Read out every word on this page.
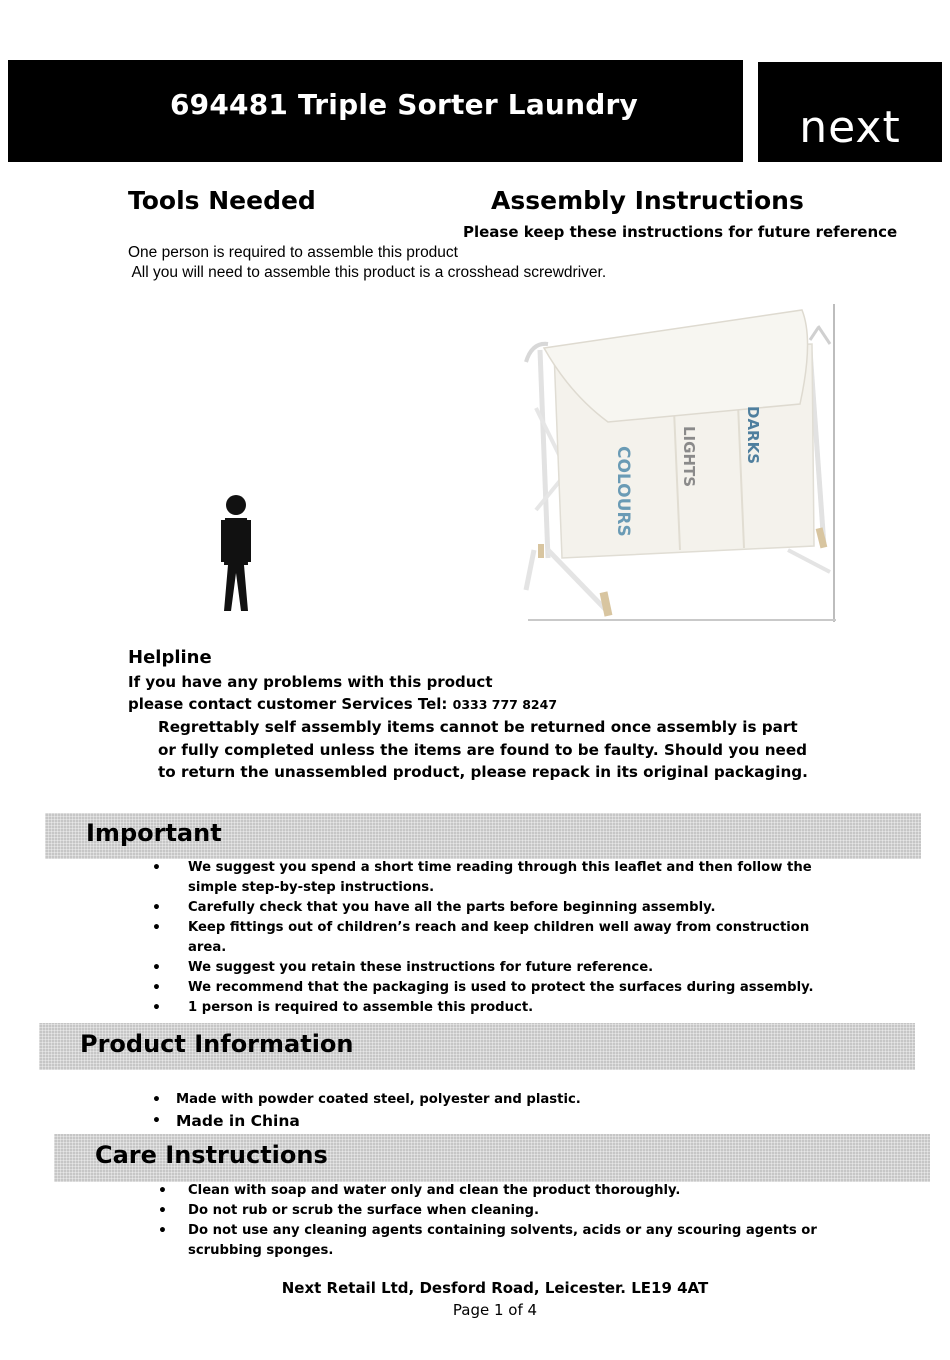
694481 Triple Sorter Laundry	next
Tools Needed	Assembly Instructions
Please keep these instructions for future reference
One person is required to assemble this product
All you will need to assemble this product is a crosshead screwdriver.
COLOURS	LIGHTS	DARKS
Helpline
If you have any problems with this product
please contact customer Services Tel: 0333 777 8247
Regrettably self assembly items cannot be returned once assembly is part or fully completed unless the items are found to be faulty. Should you need to return the unassembled product, please repack in its original packaging.
Important
• We suggest you spend a short time reading through this leaflet and then follow the simple step-by-step instructions.
• Carefully check that you have all the parts before beginning assembly.
• Keep fittings out of children’s reach and keep children well away from construction area.
• We suggest you retain these instructions for future reference.
• We recommend that the packaging is used to protect the surfaces during assembly.
• 1 person is required to assemble this product.
Product Information
• Made with powder coated steel, polyester and plastic.
• Made in China
Care Instructions
• Clean with soap and water only and clean the product thoroughly.
• Do not rub or scrub the surface when cleaning.
• Do not use any cleaning agents containing solvents, acids or any scouring agents or scrubbing sponges.
Next Retail Ltd, Desford Road, Leicester. LE19 4AT
Page 1 of 4
